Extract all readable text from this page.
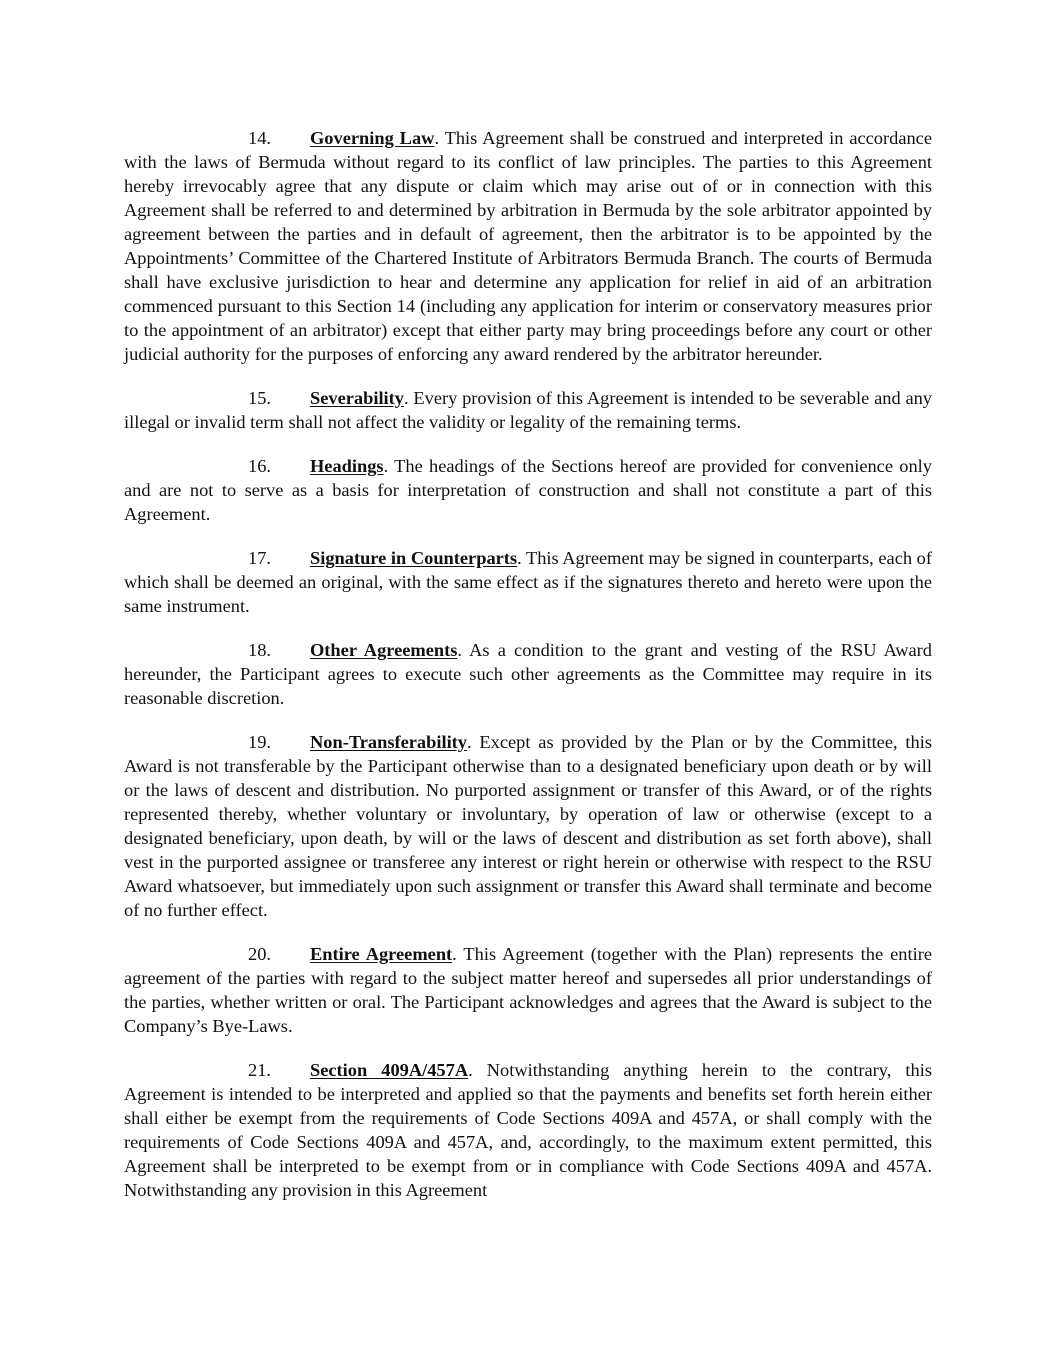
14. Governing Law. This Agreement shall be construed and interpreted in accordance with the laws of Bermuda without regard to its conflict of law principles. The parties to this Agreement hereby irrevocably agree that any dispute or claim which may arise out of or in connection with this Agreement shall be referred to and determined by arbitration in Bermuda by the sole arbitrator appointed by agreement between the parties and in default of agreement, then the arbitrator is to be appointed by the Appointments’ Committee of the Chartered Institute of Arbitrators Bermuda Branch. The courts of Bermuda shall have exclusive jurisdiction to hear and determine any application for relief in aid of an arbitration commenced pursuant to this Section 14 (including any application for interim or conservatory measures prior to the appointment of an arbitrator) except that either party may bring proceedings before any court or other judicial authority for the purposes of enforcing any award rendered by the arbitrator hereunder.

15. Severability. Every provision of this Agreement is intended to be severable and any illegal or invalid term shall not affect the validity or legality of the remaining terms.

16. Headings. The headings of the Sections hereof are provided for convenience only and are not to serve as a basis for interpretation of construction and shall not constitute a part of this Agreement.

17. Signature in Counterparts. This Agreement may be signed in counterparts, each of which shall be deemed an original, with the same effect as if the signatures thereto and hereto were upon the same instrument.

18. Other Agreements. As a condition to the grant and vesting of the RSU Award hereunder, the Participant agrees to execute such other agreements as the Committee may require in its reasonable discretion.

19. Non-Transferability. Except as provided by the Plan or by the Committee, this Award is not transferable by the Participant otherwise than to a designated beneficiary upon death or by will or the laws of descent and distribution. No purported assignment or transfer of this Award, or of the rights represented thereby, whether voluntary or involuntary, by operation of law or otherwise (except to a designated beneficiary, upon death, by will or the laws of descent and distribution as set forth above), shall vest in the purported assignee or transferee any interest or right herein or otherwise with respect to the RSU Award whatsoever, but immediately upon such assignment or transfer this Award shall terminate and become of no further effect.

20. Entire Agreement. This Agreement (together with the Plan) represents the entire agreement of the parties with regard to the subject matter hereof and supersedes all prior understandings of the parties, whether written or oral. The Participant acknowledges and agrees that the Award is subject to the Company’s Bye-Laws.

21. Section 409A/457A. Notwithstanding anything herein to the contrary, this Agreement is intended to be interpreted and applied so that the payments and benefits set forth herein either shall either be exempt from the requirements of Code Sections 409A and 457A, or shall comply with the requirements of Code Sections 409A and 457A, and, accordingly, to the maximum extent permitted, this Agreement shall be interpreted to be exempt from or in compliance with Code Sections 409A and 457A. Notwithstanding any provision in this Agreement
